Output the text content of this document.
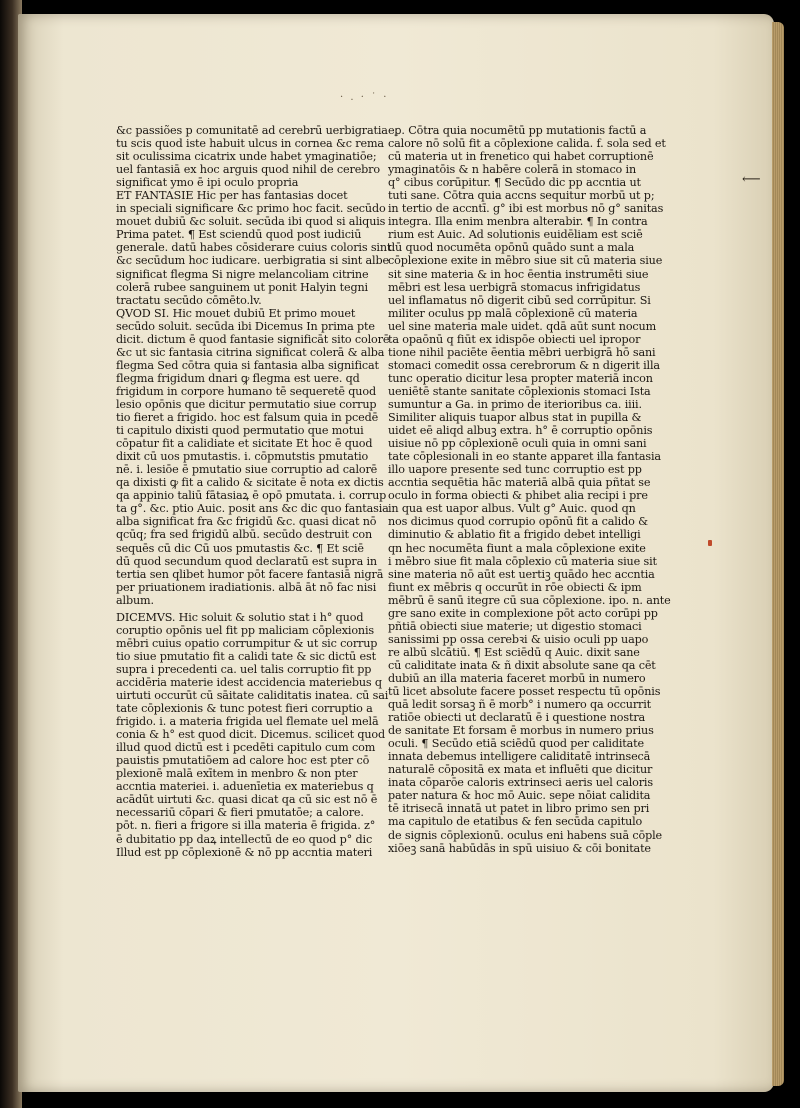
· . · ˙ ·
⟵
&c passiões p comunitatē ad cerebrū uerbigratia
tu scis quod iste habuit ulcus in cornea &c rema
sit oculissima cicatrix unde habet ymaginatiōe;
uel fantasiā ex hoc arguis quod nihil de cerebro
significat ymo ē ipi oculo propria
ET FANTASIE Hic per has fantasias docet
in speciali significare &c primo hoc facit. secūdo
mouet dubiū &c soluit. secūda ibi quod si aliquis
Prima patet. ¶ Est sciendū quod post iudiciū
generale. datū habes cōsiderare cuius coloris sint
&c secūdum hoc iudicare. uerbigratia si sint albe
significat flegma Si nigre melancoliam citrine
colerā rubee sanguinem ut ponit Halyin tegni
tractatu secūdo cōmēto.lv.
QVOD SI. Hic mouet dubiū Et primo mouet
secūdo soluit. secūda ibi Dicemus In prima pte
dicit. dictum ē quod fantasie significāt sito colorē
&c ut sic fantasia citrina significat colerā & alba
flegma Sed cōtra quia si fantasia alba significat
flegma frigidum dnari ꝙ flegma est uere. qd
frigidum in corpore humano tē sequeretē quod
lesio opōnis que dicitur permutatio siue corrup
tio fieret a frigido. hoc est falsum quia in pcedē
ti capitulo dixisti quod permutatio que motui
cōpatur fit a calidiate et sicitate Et hoc ē quod
dixit cū uos pmutastis. i. cōpmutstis pmutatio
nē. i. lesiōe ē pmutatio siue corruptio ad calorē
qa dixisti ꝙ fit a calido & sicitate ē nota ex dictis
qa appinio taliū fātasiaꝝ ē opō pmutata. i. corrup
ta g°. &c. ptio Auic. posit ans &c dic quo fantasia
alba significat fra &c frigidū &c. quasi dicat nō
qcūq; fra sed frigidū albū. secūdo destruit con
sequēs cū dic Cū uos pmutastis &c. ¶ Et sciē
dū quod secundum quod declaratū est supra in
tertia sen qlibet humor pōt facere fantasiā nigrā
per priuationem iradiationis. albā āt nō fac nisi
album.
DICEMVS. Hic soluit & solutio stat i h° quod
coruptio opōnis uel fit pp maliciam cōplexionis
mēbri cuius opatio corrumpitur & ut sic corrup
tio siue pmutatio fit a calidi tate & sic dictū est
supra i precedenti ca. uel talis corruptio fit pp
accidēria materie idest accidencia materiebus q
uirtuti occurūt cū sāitate caliditatis inatea. cū sai
tate cōplexionis & tunc potest fieri corruptio a
frigido. i. a materia frigida uel flemate uel melā
conia & h° est quod dicit. Dicemus. scilicet quod
illud quod dictū est i pcedēti capitulo cum com
pauistis pmutatiōem ad calore hoc est pter cō
plexionē malā exītem in menbro & non pter
accntia materiei. i. aduenīetia ex materiebus q
acādūt uirtuti &c. quasi dicat qa cū sic est nō ē
necessariū cōpari & fieri pmutatōe; a calore.
pōt. n. fieri a frigore si illa materia ē frigida. z°
ē dubitatio pp daꝝ intellectū de eo quod p° dic
Illud est pp cōplexionē & nō pp accntia materi
eꝑ. Cōtra quia nocumētū pp mutationis factū a
calore nō solū fit a cōplexione calida. f. sola sed et
cū materia ut in frenetico qui habet corruptionē
ymaginatōis & n habēre colerā in stomaco in
q° cibus corūpitur. ¶ Secūdo dic pp accntia ut
tuti sane. Cōtra quia accns sequitur morbū ut p;
in tertio de accntī. g° ibi est morbus nō g° sanitas
integra. Illa enim menbra alterabir. ¶ In contra
rium est Auic. Ad solutionis euidēliam est sciē
dū quod nocumēta opōnū quādo sunt a mala
cōplexione exite in mēbro siue sit cū materia siue
sit sine materia & in hoc ēentia instrumēti siue
mēbri est lesa uerbigrā stomacus infrigidatus
uel inflamatus nō digerit cibū sed corrūpitur. Si
militer oculus pp malā cōplexionē cū materia
uel sine materia male uidet. qdā aūt sunt nocum
ta opaōnū q fiūt ex idispōe obiecti uel ipropor
tione nihil paciēte ēentia mēbri uerbigrā hō sani
stomaci comedit ossa cerebrorum & n digerit illa
tunc operatio dicitur lesa propter materiā incon
ueniētē stante sanitate cōplexionis stomaci Ista
sumuntur a Ga. in primo de iterioribus ca. iiii.
Similiter aliquis tuapor albus stat in pupilla &
uidet eē aliqd albuꝫ extra. h° ē corruptio opōnis
uisiue nō pp cōplexionē oculi quia in omni sani
tate cōplesionali in eo stante apparet illa fantasia
illo uapore presente sed tunc corruptio est pp
accntia sequētia hāc materiā albā quia pñtat se
oculo in forma obiecti & phibet alia recipi i pre
in qua est uapor albus. Vult g° Auic. quod qn
nos dicimus quod corrupio opōnū fit a calido &
diminutio & ablatio fit a frigido debet intelligi
qn hec nocumēta fiunt a mala cōplexione exite
i mēbro siue fit mala cōplexio cū materia siue sit
sine materia nō aūt est uertiꝫ quādo hec accntia
fiunt ex mēbris q occurūt in rōe obiecti & ipm
mēbrū ē sanū itegre cū sua cōplexione. ipo. n. ante
gre sano exite in complexione pōt acto corūpi pp
pñtiā obiecti siue materie; ut digestio stomaci
sanissimi pp ossa cerebꝛi & uisio oculi pp uapo
re albū slcātiū. ¶ Est sciēdū q Auic. dixit sane
cū caliditate inata & ñ dixit absolute sane qa cēt
dubiū an illa materia faceret morbū in numero
tū licet absolute facere posset respectu tū opōnis
quā ledit sorsaꝫ ñ ē morb° i numero qa occurrit
ratiōe obiecti ut declaratū ē i questione nostra
de sanitate Et forsam ē morbus in numero prius
oculi. ¶ Secūdo etiā sciēdū quod per caliditate
innata debemus intelligere caliditatē intrinsecā
naturalē cōpositā ex mata et influēti que dicitur
inata cōparōe caloris extrinseci aeris uel caloris
pater natura & hoc mō Auic. sepe nōiat calidita
tē itrisecā innatā ut patet in libro primo sen pri
ma capitulo de etatibus & fen secūda capitulo
de signis cōplexionū. oculus eni habens suā cōple
xiōeꝫ sanā habūdās in spū uisiuo & cōi bonitate
